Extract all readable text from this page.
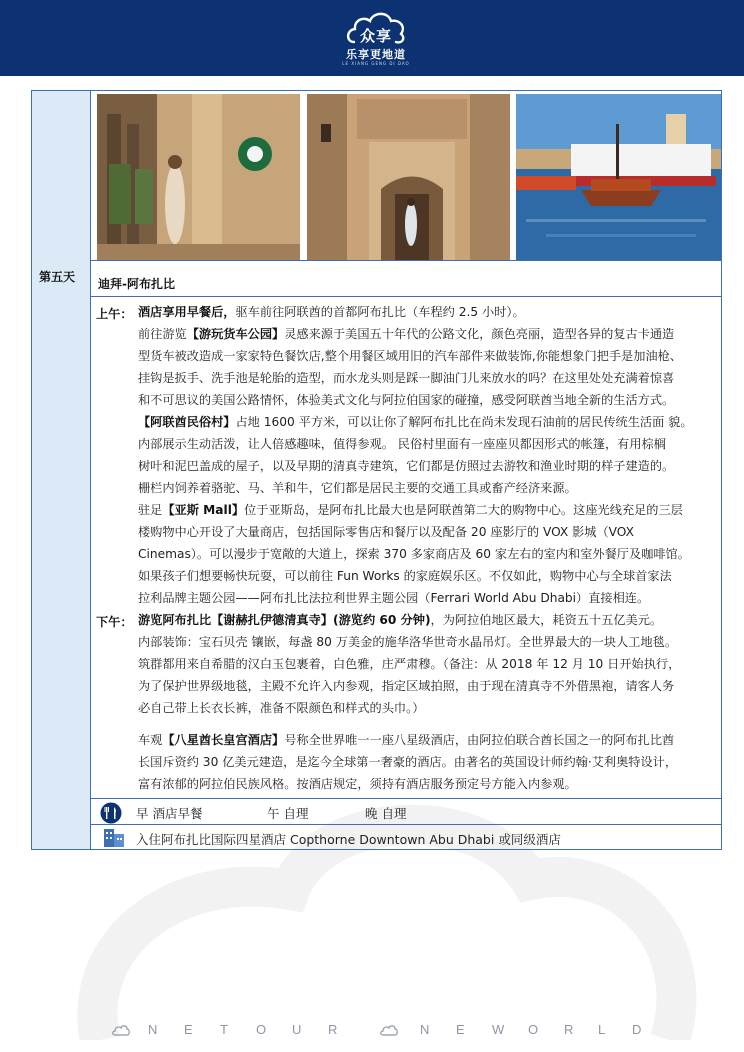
众享
乐享更地道
LE XIANG GENG DI DAO
第五天 迪拜-阿布扎比
上午： 酒店享用早餐后，驱车前往阿联酋的首都阿布扎比（车程约 2.5 小时）。
前往游览【游玩货车公园】灵感来源于美国五十年代的公路文化，颜色亮丽，造型各异的复古卡通造
型货车被改造成一家家特色餐饮店,整个用餐区域用旧的汽车部件来做装饰,你能想象门把手是加油枪、
挂钩是扳手、洗手池是轮胎的造型，而水龙头则是踩一脚油门儿来放水的吗？在这里处处充满着惊喜
和不可思议的美国公路情怀，体验美式文化与阿拉伯国家的碰撞，感受阿联酋当地全新的生活方式。
【阿联酋民俗村】占地 1600 平方米，可以让你了解阿布扎比在尚未发现石油前的居民传统生活面 貌。
内部展示生动活泼，让人倍感趣味，值得参观。 民俗村里面有一座座贝都因形式的帐篷，有用棕榈
树叶和泥巴盖成的屋子，以及早期的清真寺建筑，它们都是仿照过去游牧和渔业时期的样子建造的。
栅栏内饲养着骆驼、马、羊和牛，它们都是居民主要的交通工具或畜产经济来源。
驻足【亚斯 Mall】位于亚斯岛，是阿布扎比最大也是阿联酋第二大的购物中心。这座光线充足的三层
楼购物中心开设了大量商店，包括国际零售店和餐厅以及配备 20 座影厅的 VOX 影城（VOX
Cinemas）。可以漫步于宽敞的大道上，探索 370 多家商店及 60 家左右的室内和室外餐厅及咖啡馆。
如果孩子们想要畅快玩耍，可以前往 Fun Works 的家庭娱乐区。不仅如此，购物中心与全球首家法
拉利品牌主题公园——阿布扎比法拉利世界主题公园（Ferrari World Abu Dhabi）直接相连。
下午： 游览阿布扎比【谢赫扎伊德清真寺】(游览约 60 分钟)，为阿拉伯地区最大，耗资五十五亿美元。
内部装饰：宝石贝壳 镶嵌，每盏 80 万美金的施华洛华世奇水晶吊灯。全世界最大的一块人工地毯。
筑群都用来自希腊的汉白玉包裹着，白色雅，庄严肃穆。（备注：从 2018 年 12 月 10 日开始执行，
为了保护世界级地毯，主殿不允许入内参观，指定区域拍照，由于现在清真寺不外借黑袍，请客人务
必自己带上长衣长裤，准备不限颜色和样式的头巾。）
车观【八星酋长皇宫酒店】号称全世界唯一一座八星级酒店，由阿拉伯联合酋长国之一的阿布扎比酋
长国斥资约 30 亿美元建造，是迄今全球第一奢豪的酒店。由著名的英国设计师约翰·艾利奥特设计，
富有浓郁的阿拉伯民族风格。按酒店规定，须持有酒店服务预定号方能入内参观。
早 酒店早餐	午 自理	晚 自理
入住阿布扎比国际四星酒店 Copthorne Downtown Abu Dhabi 或同级酒店
N E T O U R	N E W O R L D
